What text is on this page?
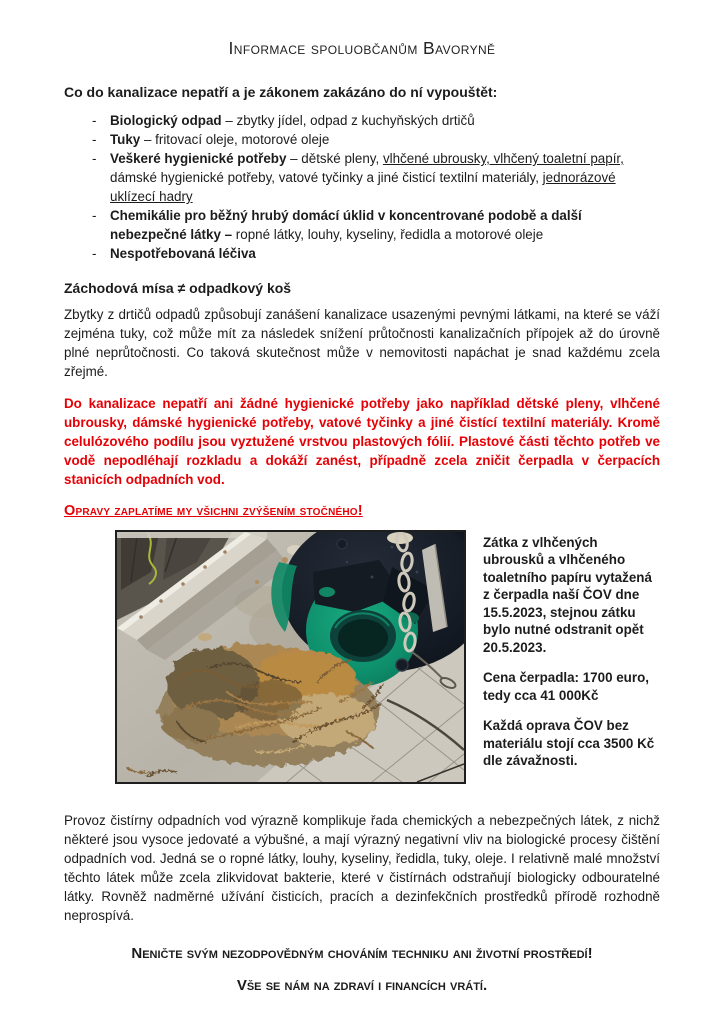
Informace spoluobčanům Bavoryně
Co do kanalizace nepatří a je zákonem zakázáno do ní vypouštět:
- Biologický odpad – zbytky jídel, odpad z kuchyňských drtičů
- Tuky – fritovací oleje, motorové oleje
- Veškeré hygienické potřeby – dětské pleny, vlhčené ubrousky, vlhčený toaletní papír, dámské hygienické potřeby, vatové tyčinky a jiné čisticí textilní materiály, jednorázové uklízecí hadry
- Chemikálie pro běžný hrubý domácí úklid v koncentrované podobě a další nebezpečné látky – ropné látky, louhy, kyseliny, ředidla a motorové oleje
- Nespotřebovaná léčiva
Záchodová mísa ≠ odpadkový koš

Zbytky z drtičů odpadů způsobují zanášení kanalizace usazenými pevnými látkami, na které se váží zejména tuky, což může mít za následek snížení průtočnosti kanalizačních přípojek až do úrovně plné neprůtočnosti. Co taková skutečnost může v nemovitosti napáchat je snad každému zcela zřejmé.

Do kanalizace nepatří ani žádné hygienické potřeby jako například dětské pleny, vlhčené ubrousky, dámské hygienické potřeby, vatové tyčinky a jiné čistící textilní materiály. Kromě celulózového podílu jsou vyztužené vrstvou plastových fólií. Plastové části těchto potřeb ve vodě nepodléhají rozkladu a dokáží zanést, případně zcela zničit čerpadla v čerpacích stanicích odpadních vod.

Opravy zaplatíme my všichni zvýšením stočného!

Zátka z vlhčených ubrousků a vlhčeného toaletního papíru vytažená z čerpadla naší ČOV dne 15.5.2023, stejnou zátku bylo nutné odstranit opět 20.5.2023.

Cena čerpadla: 1700 euro, tedy cca 41 000Kč

Každá oprava ČOV bez materiálu stojí cca 3500 Kč dle závažnosti.

Provoz čistírny odpadních vod výrazně komplikuje řada chemických a nebezpečných látek, z nichž některé jsou vysoce jedovaté a výbušné, a mají výrazný negativní vliv na biologické procesy čištění odpadních vod. Jedná se o ropné látky, louhy, kyseliny, ředidla, tuky, oleje. I relativně malé množství těchto látek může zcela zlikvidovat bakterie, které v čistírnách odstraňují biologicky odbouratelné látky. Rovněž nadměrné užívání čisticích, pracích a dezinfekčních prostředků přírodě rozhodně neprospívá.

Neničte svým nezodpovědným chováním techniku ani životní prostředí!
Vše se nám na zdraví i financích vrátí.
